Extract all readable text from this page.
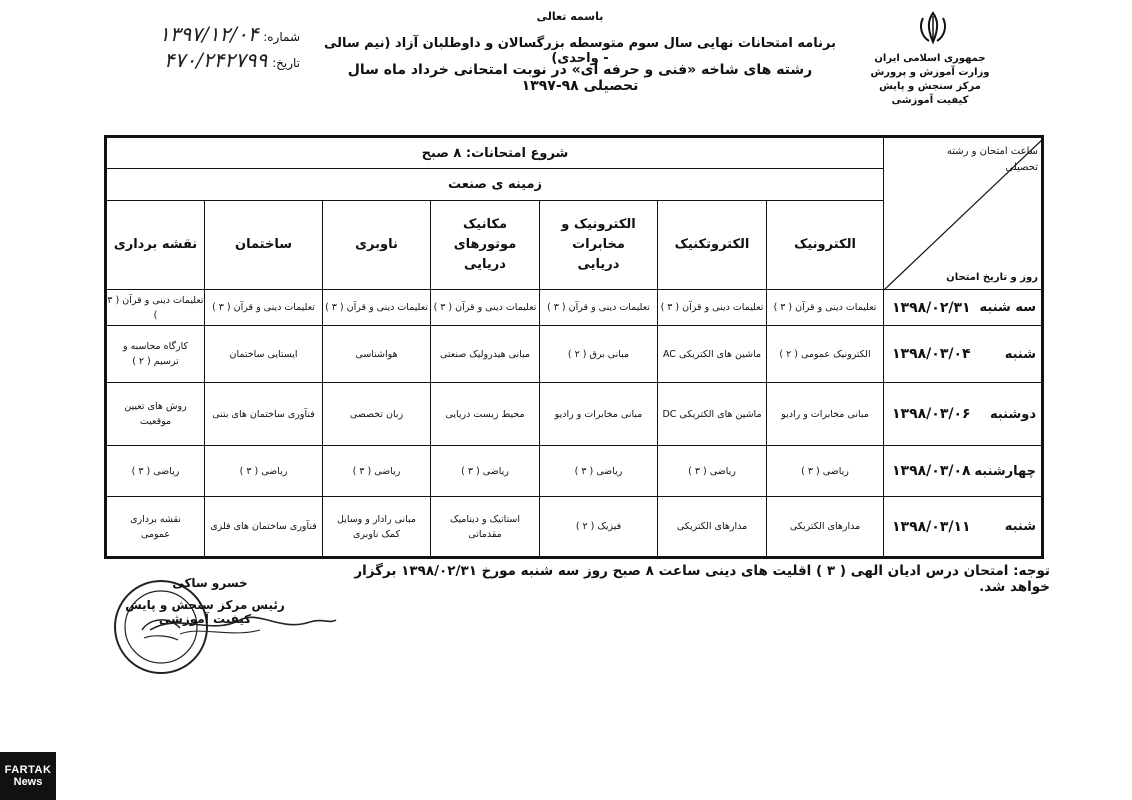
باسمه تعالی
برنامه امتحانات نهایی سال سوم متوسطه بزرگسالان و داوطلبان آزاد (نیم سالی - واحدی)
رشته های شاخه «فنی و حرفه ای» در نوبت امتحانی خرداد ماه سال تحصیلی ۹۸-۱۳۹۷
شماره: ۱۳۹۷/۱۲/۰۴
تاریخ: ۴۷۰/۲۴۲۷۹۹	جمهوری اسلامی ایران
وزارت آموزش و پرورش
مرکز سنجش و پایش کیفیت آموزشی
ساعت امتحان و رشته تحصیلی
روز و تاریخ امتحان
شروع امتحانات: ۸ صبح
زمینه ی صنعت
الکترونیک
الکتروتکنیک
الکترونیک و مخابرات دریایی
مکانیک موتورهای دریایی
ناوبری
ساختمان
نقشه برداری
سه شنبه
۱۳۹۸/۰۲/۳۱
تعلیمات دینی و قرآن ( ۳ )
تعلیمات دینی و قرآن ( ۳ )
تعلیمات دینی و قرآن ( ۳ )
تعلیمات دینی و قرآن ( ۳ )
تعلیمات دینی و قرآن ( ۳ )
تعلیمات دینی و قرآن ( ۳ )
تعلیمات دینی و قرآن ( ۳ )
شنبه
۱۳۹۸/۰۳/۰۴
الکترونیک عمومی ( ۲ )
ماشین های الکتریکی AC
مبانی برق ( ۲ )
مبانی هیدرولیک صنعتی
هواشناسی
ایستایی ساختمان
کارگاه محاسبه و ترسیم ( ۲ )
دوشنبه
۱۳۹۸/۰۳/۰۶
مبانی مخابرات و رادیو
ماشین های الکتریکی DC
مبانی مخابرات و رادیو
محیط زیست دریایی
زبان تخصصی
فنآوری ساختمان های بتنی
روش های تعیین موقعیت
چهارشنبه
۱۳۹۸/۰۳/۰۸
ریاضی ( ۳ )
ریاضی ( ۳ )
ریاضی ( ۳ )
ریاضی ( ۳ )
ریاضی ( ۳ )
ریاضی ( ۳ )
ریاضی ( ۳ )
شنبه
۱۳۹۸/۰۳/۱۱
مدارهای الکتریکی
مدارهای الکتریکی
فیزیک ( ۲ )
استاتیک و دینامیک مقدماتی
مبانی رادار و وسایل کمک ناوبری
فنآوری ساختمان های فلزی
نقشه برداری عمومی
توجه: امتحان درس ادیان الهی ( ۳ ) اقلیت های دینی ساعت ۸ صبح روز سه شنبه مورخ ۱۳۹۸/۰۲/۳۱ برگزار خواهد شد.
خسرو ساکی
رئیس مرکز سنجش و پایش کیفیت آموزشی
FARTAK
News
